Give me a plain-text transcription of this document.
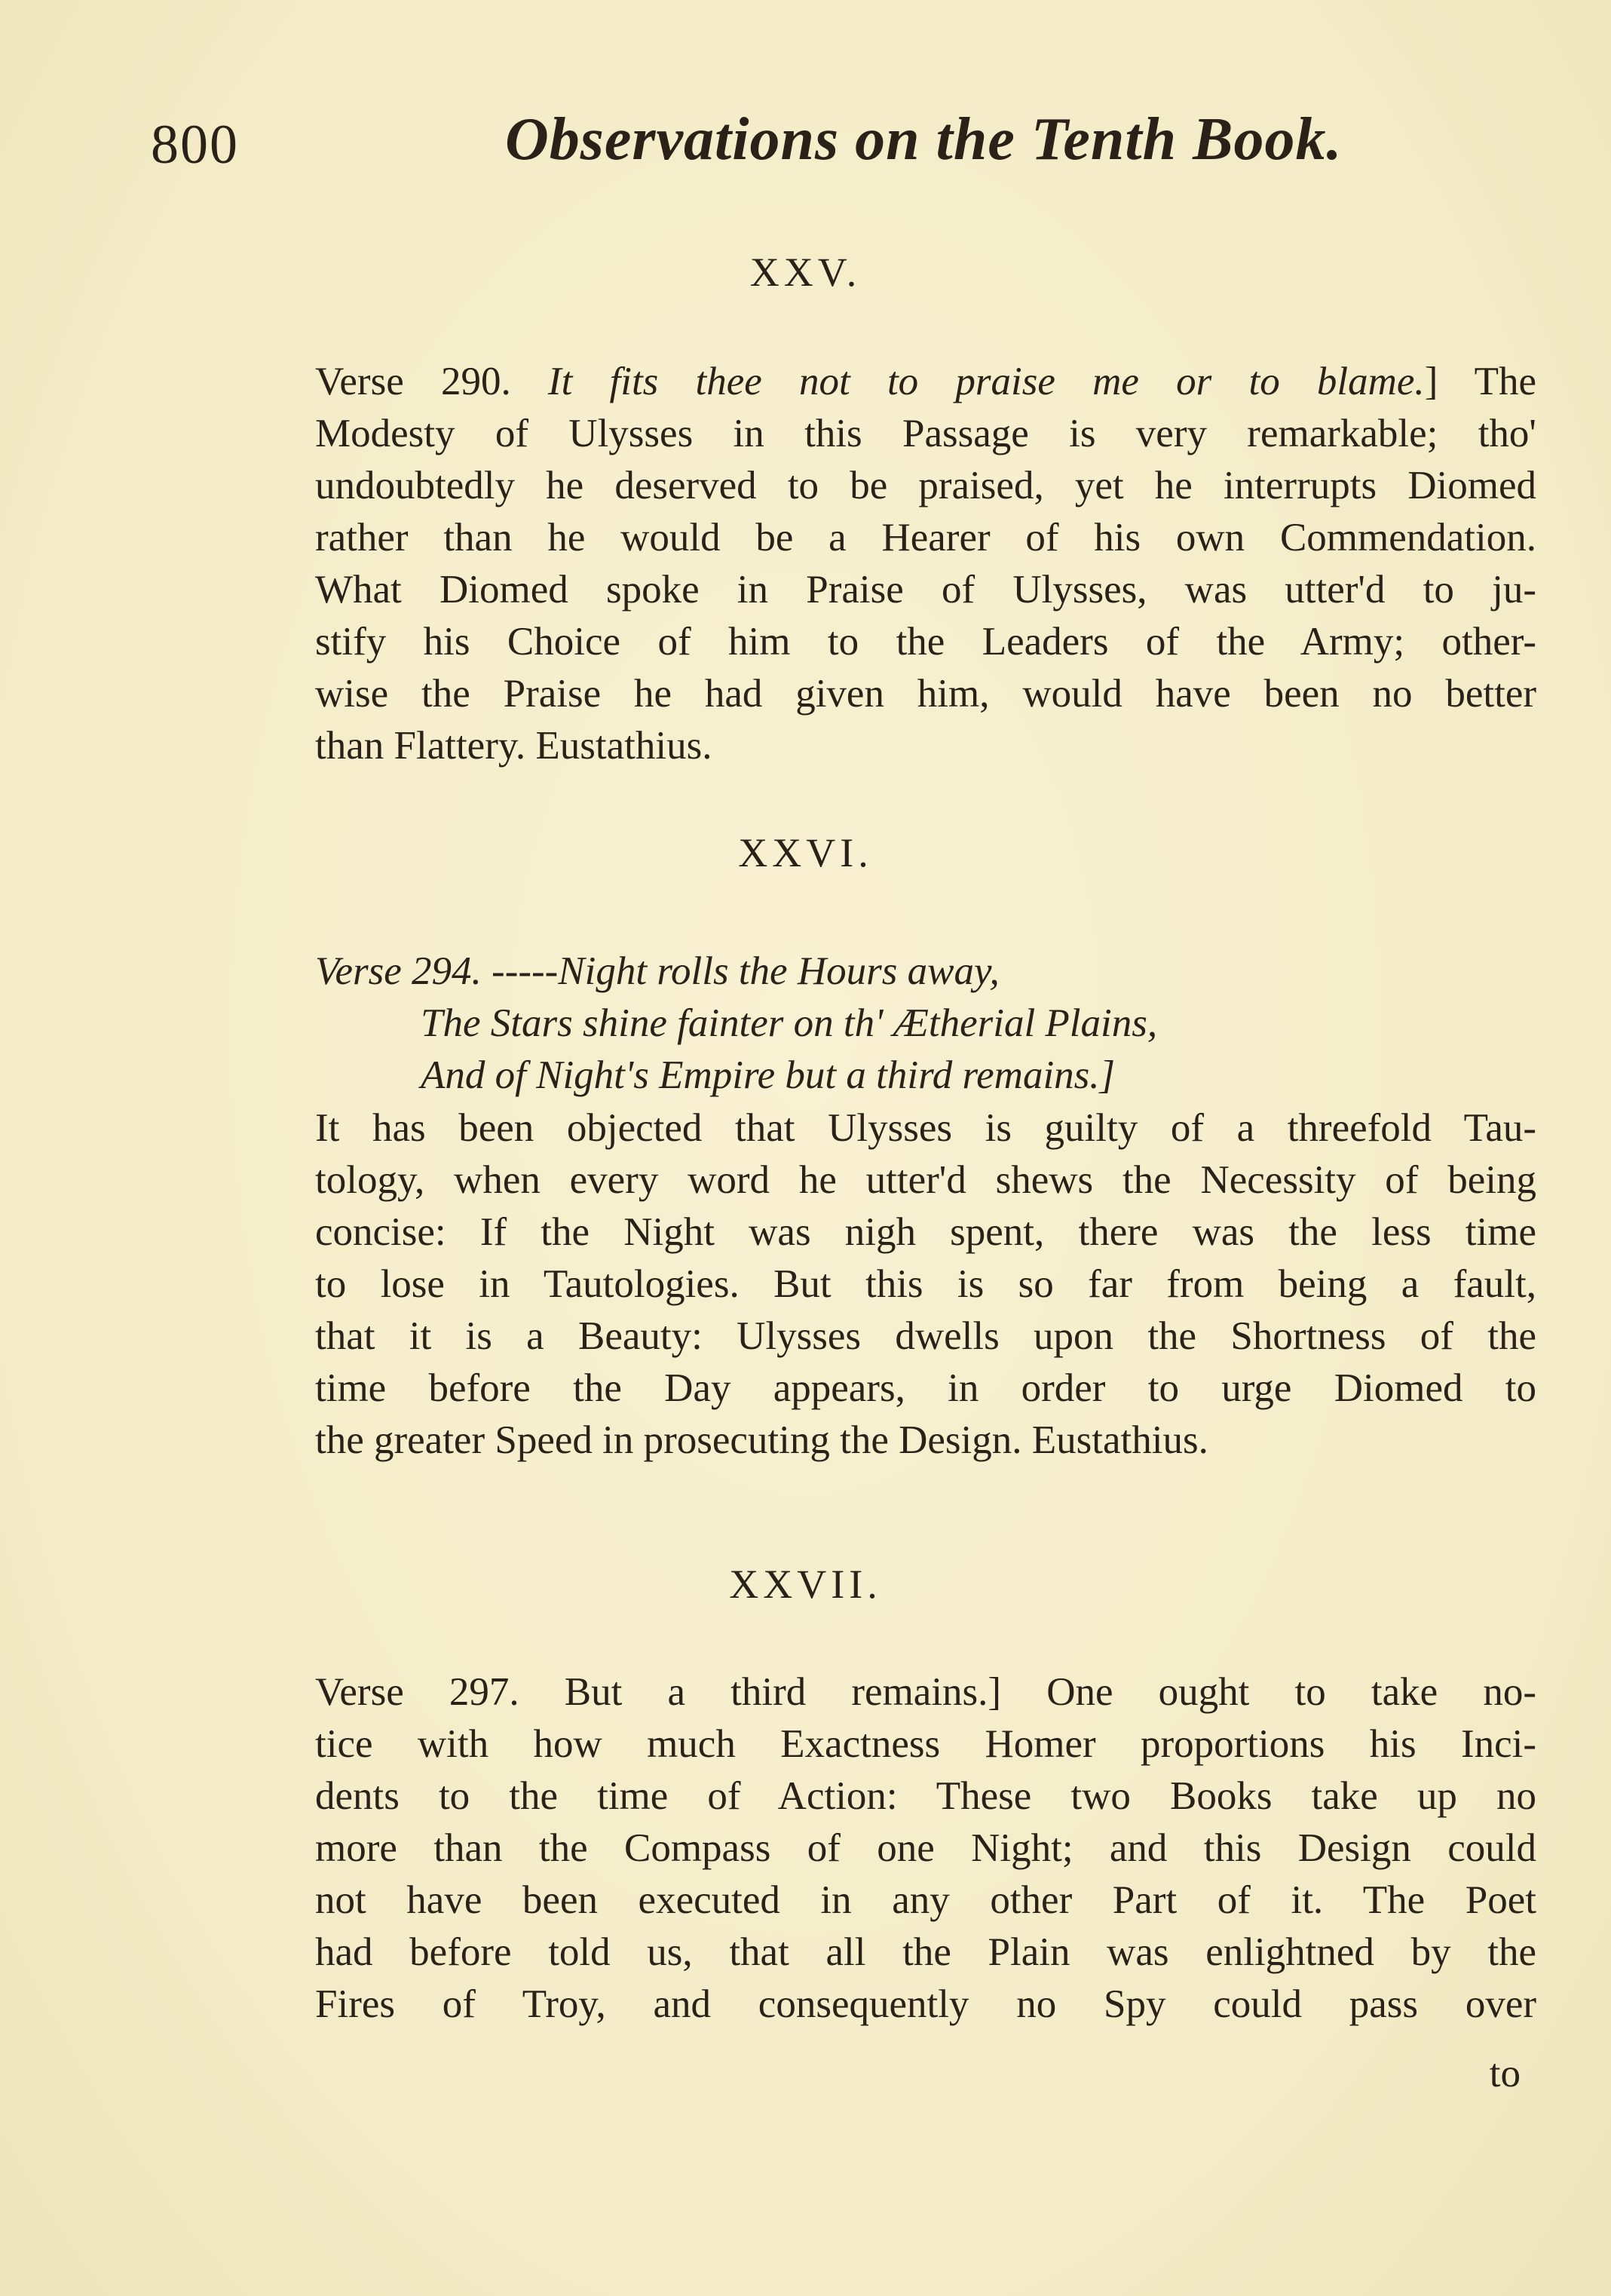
800	Observations on the Tenth Book.
XXV.
Verse 290. It fits thee not to praise me or to blame.] The
Modesty of Ulysses in this Passage is very remarkable; tho'
undoubtedly he deserved to be praised, yet he interrupts Diomed
rather than he would be a Hearer of his own Commendation.
What Diomed spoke in Praise of Ulysses, was utter'd to ju-
stify his Choice of him to the Leaders of the Army; other-
wise the Praise he had given him, would have been no better
than Flattery. Eustathius.
XXVI.
Verse 294. -----Night rolls the Hours away,
The Stars shine fainter on th' Ætherial Plains,
And of Night's Empire but a third remains.]
It has been objected that Ulysses is guilty of a threefold Tau-
tology, when every word he utter'd shews the Necessity of being
concise: If the Night was nigh spent, there was the less time
to lose in Tautologies. But this is so far from being a fault,
that it is a Beauty: Ulysses dwells upon the Shortness of the
time before the Day appears, in order to urge Diomed to
the greater Speed in prosecuting the Design. Eustathius.
XXVII.
Verse 297. But a third remains.] One ought to take no-
tice with how much Exactness Homer proportions his Inci-
dents to the time of Action: These two Books take up no
more than the Compass of one Night; and this Design could
not have been executed in any other Part of it. The Poet
had before told us, that all the Plain was enlightned by the
Fires of Troy, and consequently no Spy could pass over
to
